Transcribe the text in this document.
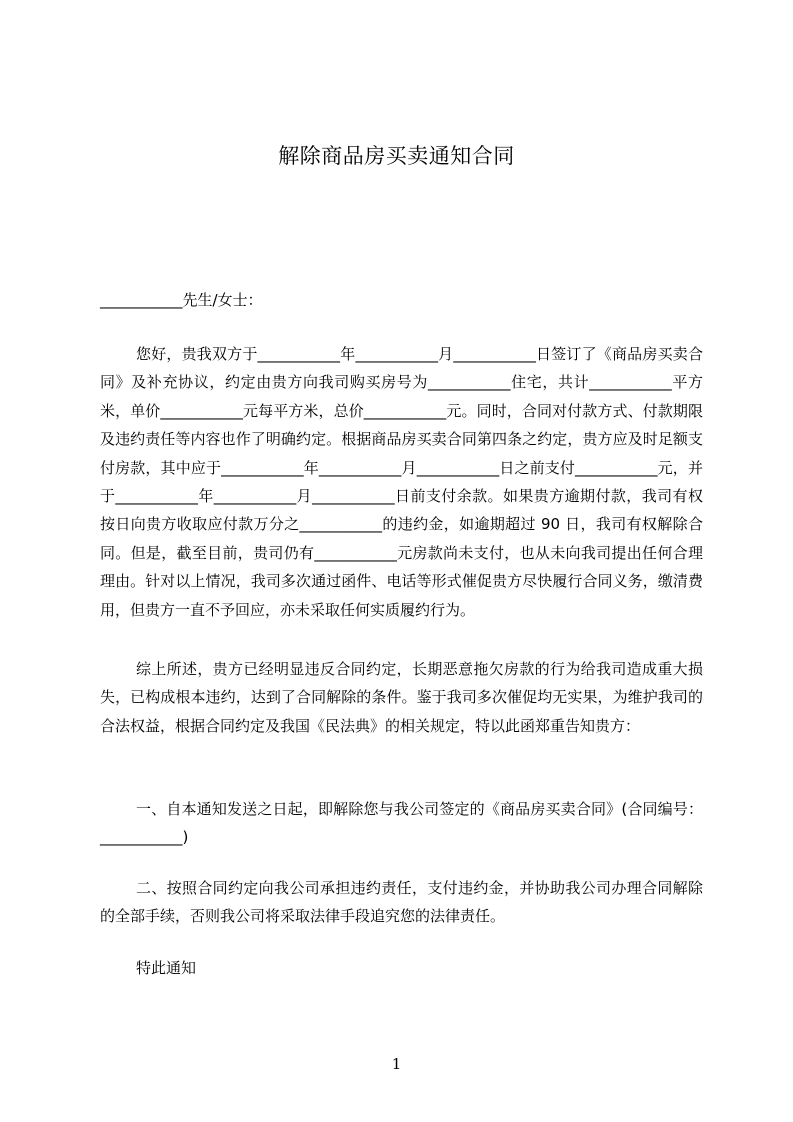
解除商品房买卖通知合同
___________先生/女士：
您好，贵我双方于___________年___________月___________日签订了《商品房买卖合同》及补充协议，约定由贵方向我司购买房号为___________住宅，共计___________平方米，单价___________元每平方米，总价___________元。同时，合同对付款方式、付款期限及违约责任等内容也作了明确约定。根据商品房买卖合同第四条之约定，贵方应及时足额支付房款，其中应于___________年___________月___________日之前支付___________元，并于___________年___________月___________日前支付余款。如果贵方逾期付款，我司有权按日向贵方收取应付款万分之___________的违约金，如逾期超过 90 日，我司有权解除合同。但是，截至目前，贵司仍有___________元房款尚未支付，也从未向我司提出任何合理理由。针对以上情况，我司多次通过函件、电话等形式催促贵方尽快履行合同义务，缴清费用，但贵方一直不予回应，亦未采取任何实质履约行为。
综上所述，贵方已经明显违反合同约定，长期恶意拖欠房款的行为给我司造成重大损失，已构成根本违约，达到了合同解除的条件。鉴于我司多次催促均无实果，为维护我司的合法权益，根据合同约定及我国《民法典》的相关规定，特以此函郑重告知贵方：
一、自本通知发送之日起，即解除您与我公司签定的《商品房买卖合同》(合同编号：___________)
二、按照合同约定向我公司承担违约责任，支付违约金，并协助我公司办理合同解除的全部手续，否则我公司将采取法律手段追究您的法律责任。
特此通知
1
